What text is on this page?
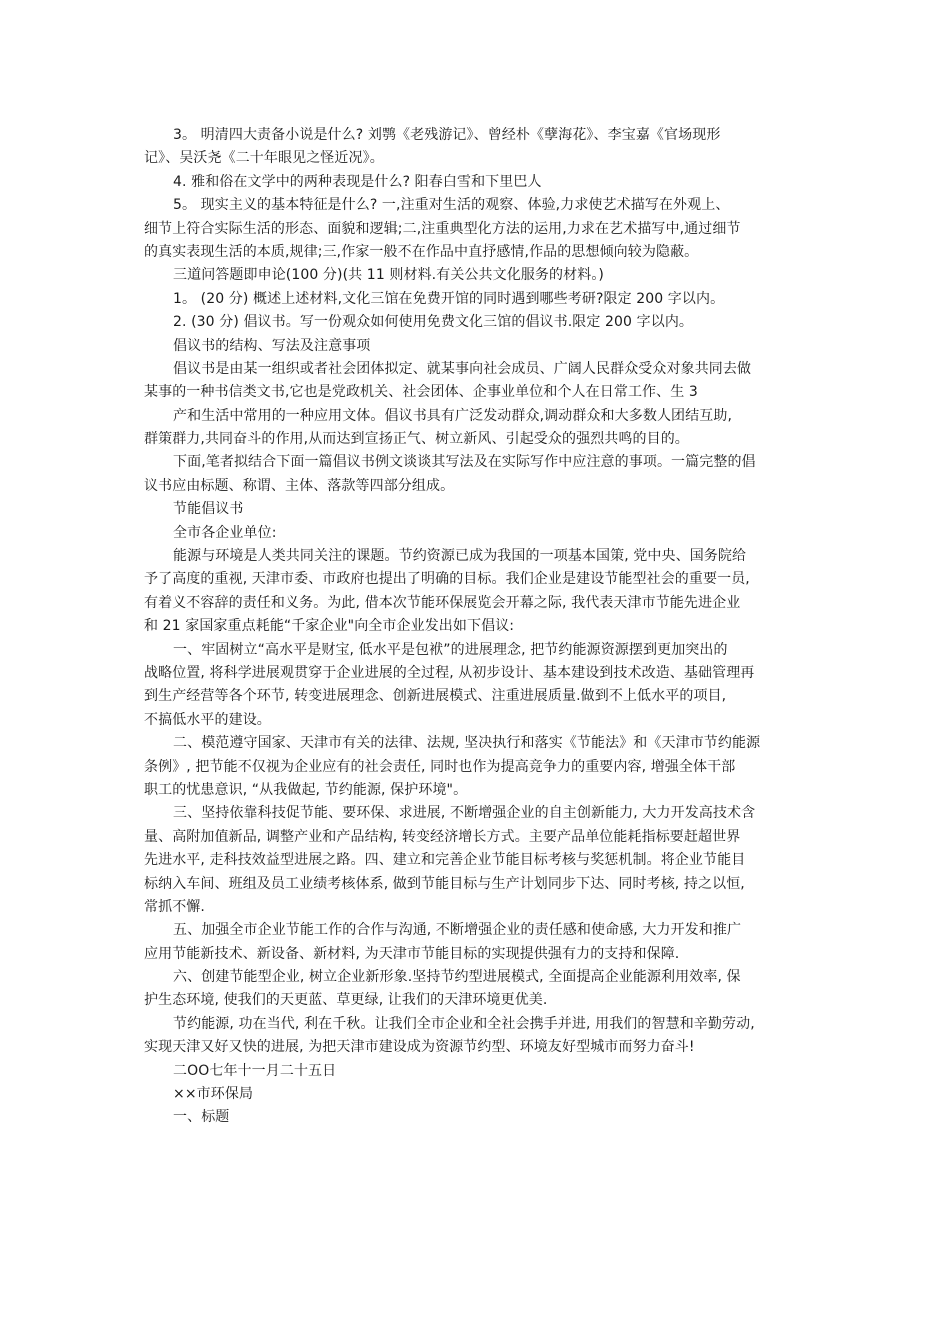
3。 明清四大责备小说是什么? 刘鹗《老残游记》、曾经朴《孽海花》、李宝嘉《官场现形
记》、吴沃尧《二十年眼见之怪近况》。
4. 雅和俗在文学中的两种表现是什么? 阳春白雪和下里巴人
5。 现实主义的基本特征是什么? 一,注重对生活的观察、体验,力求使艺术描写在外观上、
细节上符合实际生活的形态、面貌和逻辑;二,注重典型化方法的运用,力求在艺术描写中,通过细节
的真实表现生活的本质,规律;三,作家一般不在作品中直抒感情,作品的思想倾向较为隐蔽。
三道问答题即申论(100 分)(共 11 则材料.有关公共文化服务的材料。)
1。 (20 分) 概述上述材料,文化三馆在免费开馆的同时遇到哪些考研?限定 200 字以内。
2. (30 分) 倡议书。写一份观众如何使用免费文化三馆的倡议书.限定 200 字以内。
倡议书的结构、写法及注意事项
倡议书是由某一组织或者社会团体拟定、就某事向社会成员、广阔人民群众受众对象共同去做
某事的一种书信类文书,它也是党政机关、社会团体、企事业单位和个人在日常工作、生 3
产和生活中常用的一种应用文体。倡议书具有广泛发动群众,调动群众和大多数人团结互助,
群策群力,共同奋斗的作用,从而达到宣扬正气、树立新风、引起受众的强烈共鸣的目的。
下面,笔者拟结合下面一篇倡议书例文谈谈其写法及在实际写作中应注意的事项。一篇完整的倡
议书应由标题、称谓、主体、落款等四部分组成。
节能倡议书
全市各企业单位:
能源与环境是人类共同关注的课题。节约资源已成为我国的一项基本国策, 党中央、国务院给
予了高度的重视, 天津市委、市政府也提出了明确的目标。我们企业是建设节能型社会的重要一员,
有着义不容辞的责任和义务。为此, 借本次节能环保展览会开幕之际, 我代表天津市节能先进企业
和 21 家国家重点耗能“千家企业"向全市企业发出如下倡议:
一、牢固树立“高水平是财宝, 低水平是包袱”的进展理念, 把节约能源资源摆到更加突出的
战略位置, 将科学进展观贯穿于企业进展的全过程, 从初步设计、基本建设到技术改造、基础管理再
到生产经营等各个环节, 转变进展理念、创新进展模式、注重进展质量.做到不上低水平的项目,
不搞低水平的建设。
二、模范遵守国家、天津市有关的法律、法规, 坚决执行和落实《节能法》和《天津市节约能源
条例》, 把节能不仅视为企业应有的社会责任, 同时也作为提高竞争力的重要内容, 增强全体干部
职工的忧患意识, “从我做起, 节约能源, 保护环境"。
三、坚持依靠科技促节能、要环保、求进展, 不断增强企业的自主创新能力, 大力开发高技术含
量、高附加值新品, 调整产业和产品结构, 转变经济增长方式。主要产品单位能耗指标要赶超世界
先进水平, 走科技效益型进展之路。四、建立和完善企业节能目标考核与奖惩机制。将企业节能目
标纳入车间、班组及员工业绩考核体系, 做到节能目标与生产计划同步下达、同时考核, 持之以恒,
常抓不懈.
五、加强全市企业节能工作的合作与沟通, 不断增强企业的责任感和使命感, 大力开发和推广
应用节能新技术、新设备、新材料, 为天津市节能目标的实现提供强有力的支持和保障.
六、创建节能型企业, 树立企业新形象.坚持节约型进展模式, 全面提高企业能源利用效率, 保
护生态环境, 使我们的天更蓝、草更绿, 让我们的天津环境更优美.
节约能源, 功在当代, 利在千秋。让我们全市企业和全社会携手并进, 用我们的智慧和辛勤劳动,
实现天津又好又快的进展, 为把天津市建设成为资源节约型、环境友好型城市而努力奋斗!
二OO七年十一月二十五日
××市环保局
一、标题
